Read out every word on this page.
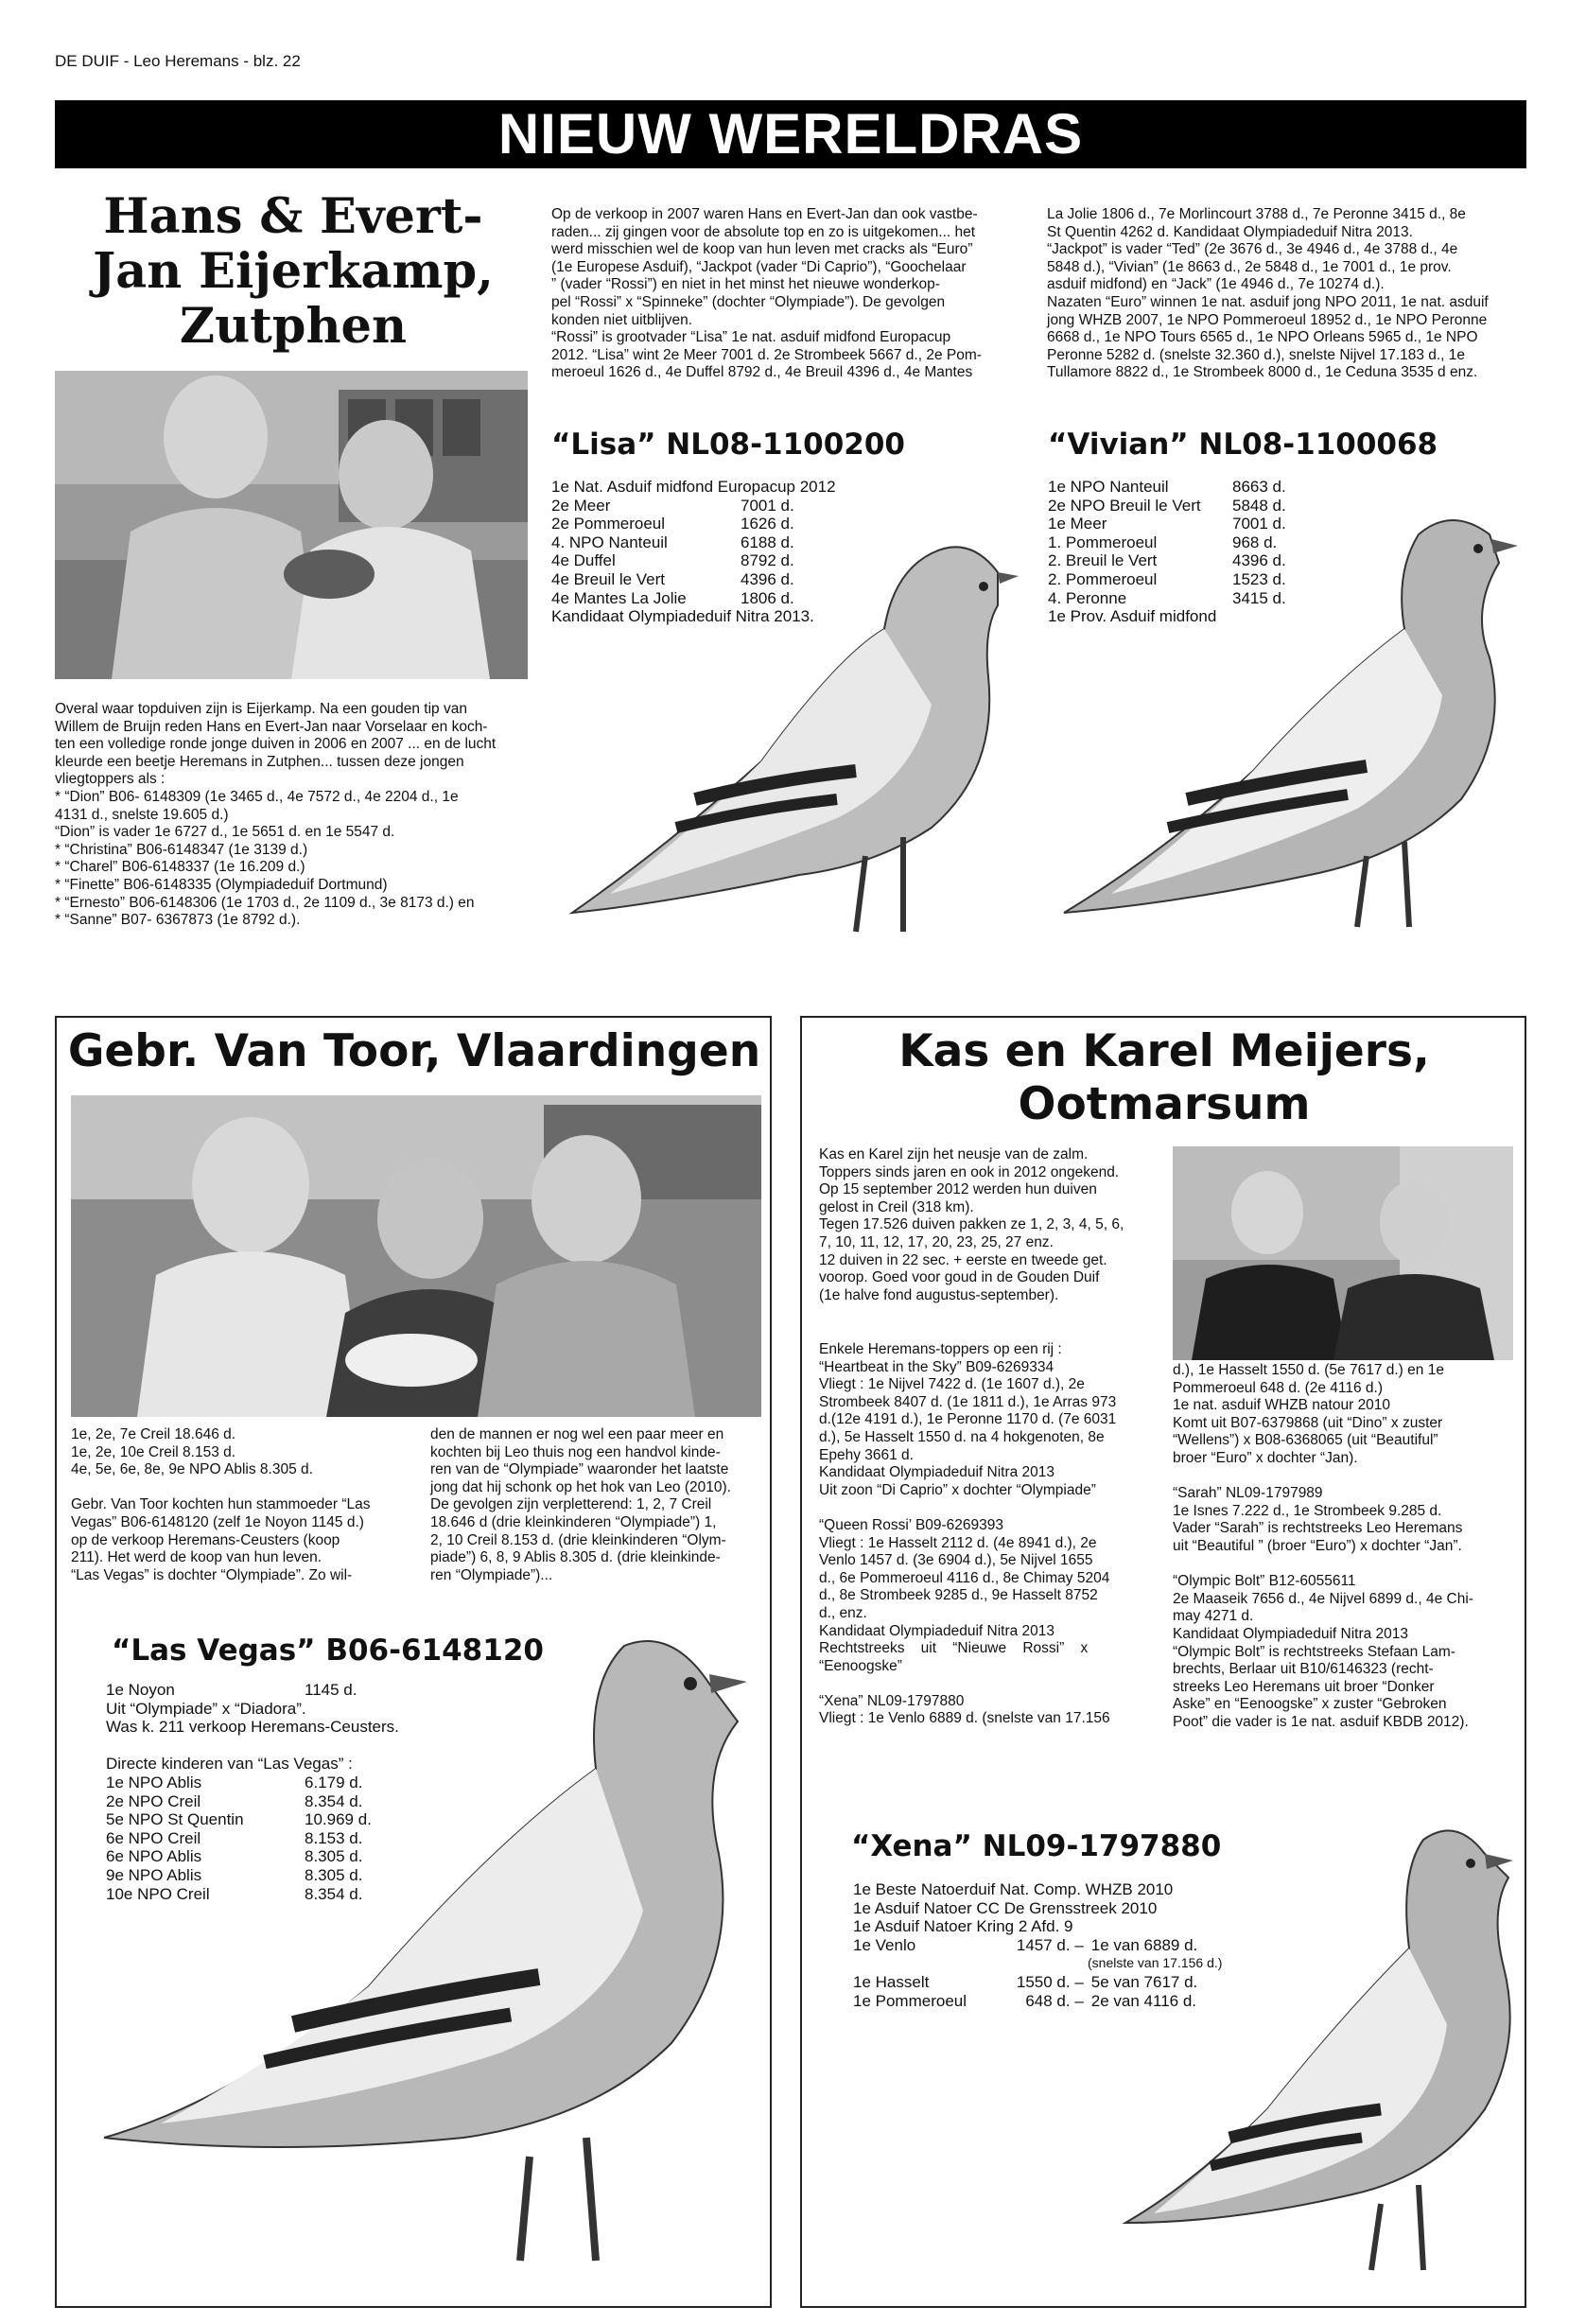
DE DUIF - Leo Heremans - blz. 22
NIEUW WERELDRAS
Hans & Evert-
Jan Eijerkamp,
Zutphen
Op de verkoop in 2007 waren Hans en Evert-Jan dan ook vastbe-
raden... zij gingen voor de absolute top en zo is uitgekomen... het
werd misschien wel de koop van hun leven met cracks als “Euro”
(1e Europese Asduif), “Jackpot (vader “Di Caprio”), “Goochelaar
” (vader “Rossi”) en niet in het minst het nieuwe wonderkop-
pel “Rossi” x “Spinneke” (dochter “Olympiade”). De gevolgen
konden niet uitblijven.
“Rossi” is grootvader “Lisa” 1e nat. asduif midfond Europacup
2012. “Lisa” wint 2e Meer 7001 d. 2e Strombeek 5667 d., 2e Pom-
meroeul 1626 d., 4e Duffel 8792 d., 4e Breuil 4396 d., 4e Mantes
La Jolie 1806 d., 7e Morlincourt 3788 d., 7e Peronne 3415 d., 8e
St Quentin 4262 d. Kandidaat Olympiadeduif Nitra 2013.
“Jackpot” is vader “Ted” (2e 3676 d., 3e 4946 d., 4e 3788 d., 4e
5848 d.), “Vivian” (1e 8663 d., 2e 5848 d., 1e 7001 d., 1e prov.
asduif midfond) en “Jack” (1e 4946 d., 7e 10274 d.).
Nazaten “Euro” winnen 1e nat. asduif jong NPO 2011, 1e nat. asduif
jong WHZB 2007, 1e NPO Pommeroeul 18952 d., 1e NPO Peronne
6668 d., 1e NPO Tours 6565 d., 1e NPO Orleans 5965 d., 1e NPO
Peronne 5282 d. (snelste 32.360 d.), snelste Nijvel 17.183 d., 1e
Tullamore 8822 d., 1e Strombeek 8000 d., 1e Ceduna 3535 d enz.
Overal waar topduiven zijn is Eijerkamp. Na een gouden tip van
Willem de Bruijn reden Hans en Evert-Jan naar Vorselaar en koch-
ten een volledige ronde jonge duiven in 2006 en 2007 ... en de lucht
kleurde een beetje Heremans in Zutphen... tussen deze jongen
vliegtoppers als :
* “Dion” B06- 6148309 (1e 3465 d., 4e 7572 d., 4e 2204 d., 1e
4131 d., snelste 19.605 d.)
“Dion” is vader 1e 6727 d., 1e 5651 d. en 1e 5547 d.
* “Christina” B06-6148347 (1e 3139 d.)
* “Charel” B06-6148337 (1e 16.209 d.)
* “Finette” B06-6148335 (Olympiadeduif Dortmund)
* “Ernesto” B06-6148306 (1e 1703 d., 2e 1109 d., 3e 8173 d.) en
* “Sanne” B07- 6367873 (1e 8792 d.).
“Lisa” NL08-1100200
1e Nat. Asduif midfond Europacup 2012
2e Meer	7001 d.
2e Pommeroeul	1626 d.
4. NPO Nanteuil	6188 d.
4e Duffel	8792 d.
4e Breuil le Vert	4396 d.
4e Mantes La Jolie	1806 d.
Kandidaat Olympiadeduif Nitra 2013.
“Vivian” NL08-1100068
1e NPO Nanteuil	8663 d.
2e NPO Breuil le Vert	5848 d.
1e Meer	7001 d.
1. Pommeroeul	968 d.
2. Breuil le Vert	4396 d.
2. Pommeroeul	1523 d.
4. Peronne	3415 d.
1e Prov. Asduif midfond
Gebr. Van Toor, Vlaardingen
1e, 2e, 7e Creil 18.646 d.
1e, 2e, 10e Creil 8.153 d.
4e, 5e, 6e, 8e, 9e NPO Ablis 8.305 d.

Gebr. Van Toor kochten hun stammoeder “Las
Vegas” B06-6148120 (zelf 1e Noyon 1145 d.)
op de verkoop Heremans-Ceusters (koop
211). Het werd de koop van hun leven.
“Las Vegas” is dochter “Olympiade”. Zo wil-
den de mannen er nog wel een paar meer en
kochten bij Leo thuis nog een handvol kinde-
ren van de “Olympiade” waaronder het laatste
jong dat hij schonk op het hok van Leo (2010).
De gevolgen zijn verpletterend: 1, 2, 7 Creil
18.646 d (drie kleinkinderen “Olympiade”) 1,
2, 10 Creil 8.153 d. (drie kleinkinderen “Olym-
piade”) 6, 8, 9 Ablis 8.305 d. (drie kleinkinde-
ren “Olympiade”)...
“Las Vegas” B06-6148120
1e Noyon	1145 d.
Uit “Olympiade” x “Diadora”.
Was k. 211 verkoop Heremans-Ceusters.

Directe kinderen van “Las Vegas” :
1e NPO Ablis	6.179 d.
2e NPO Creil	8.354 d.
5e NPO St Quentin	10.969 d.
6e NPO Creil	8.153 d.
6e NPO Ablis	8.305 d.
9e NPO Ablis	8.305 d.
10e NPO Creil	8.354 d.
Kas en Karel Meijers,
Ootmarsum
Kas en Karel zijn het neusje van de zalm.
Toppers sinds jaren en ook in 2012 ongekend.
Op 15 september 2012 werden hun duiven
gelost in Creil (318 km).
Tegen 17.526 duiven pakken ze 1, 2, 3, 4, 5, 6,
7, 10, 11, 12, 17, 20, 23, 25, 27 enz.
12 duiven in 22 sec. + eerste en tweede get.
voorop. Goed voor goud in de Gouden Duif
(1e halve fond augustus-september).
Enkele Heremans-toppers op een rij :
“Heartbeat in the Sky” B09-6269334
Vliegt : 1e Nijvel 7422 d. (1e 1607 d.), 2e
Strombeek 8407 d. (1e 1811 d.), 1e Arras 973
d.(12e 4191 d.), 1e Peronne 1170 d. (7e 6031
d.), 5e Hasselt 1550 d. na 4 hokgenoten, 8e
Epehy 3661 d.
Kandidaat Olympiadeduif Nitra 2013
Uit zoon “Di Caprio” x dochter “Olympiade”

“Queen Rossi’ B09-6269393
Vliegt : 1e Hasselt 2112 d. (4e 8941 d.), 2e
Venlo 1457 d. (3e 6904 d.), 5e Nijvel 1655
d., 6e Pommeroeul 4116 d., 8e Chimay 5204
d., 8e Strombeek 9285 d., 9e Hasselt 8752
d., enz.
Kandidaat Olympiadeduif Nitra 2013
Rechtstreeks    uit    “Nieuwe    Rossi”    x
“Eenoogske”

“Xena” NL09-1797880
Vliegt : 1e Venlo 6889 d. (snelste van 17.156
d.), 1e Hasselt 1550 d. (5e 7617 d.) en 1e
Pommeroeul 648 d. (2e 4116 d.)
1e nat. asduif WHZB natour 2010
Komt uit B07-6379868 (uit “Dino” x zuster
“Wellens”) x B08-6368065 (uit “Beautiful”
broer “Euro” x dochter “Jan).

“Sarah” NL09-1797989
1e Isnes 7.222 d., 1e Strombeek 9.285 d.
Vader “Sarah” is rechtstreeks Leo Heremans
uit “Beautiful ” (broer “Euro”) x dochter “Jan”.

“Olympic Bolt” B12-6055611
2e Maaseik 7656 d., 4e Nijvel 6899 d., 4e Chi-
may 4271 d.
Kandidaat Olympiadeduif Nitra 2013
“Olympic Bolt” is rechtstreeks Stefaan Lam-
brechts, Berlaar uit B10/6146323 (recht-
streeks Leo Heremans uit broer “Donker
Aske” en “Eenoogske” x zuster “Gebroken
Poot” die vader is 1e nat. asduif KBDB 2012).
“Xena” NL09-1797880
1e Beste Natoerduif Nat. Comp. WHZB 2010
1e Asduif Natoer CC De Grensstreek 2010
1e Asduif Natoer Kring 2 Afd. 9
1e Venlo	1457 d. – 1e van 6889 d.

(snelste van 17.156 d.)
1e Hasselt	1550 d. – 5e van 7617 d.
1e Pommeroeul	648 d. – 2e van 4116 d.
